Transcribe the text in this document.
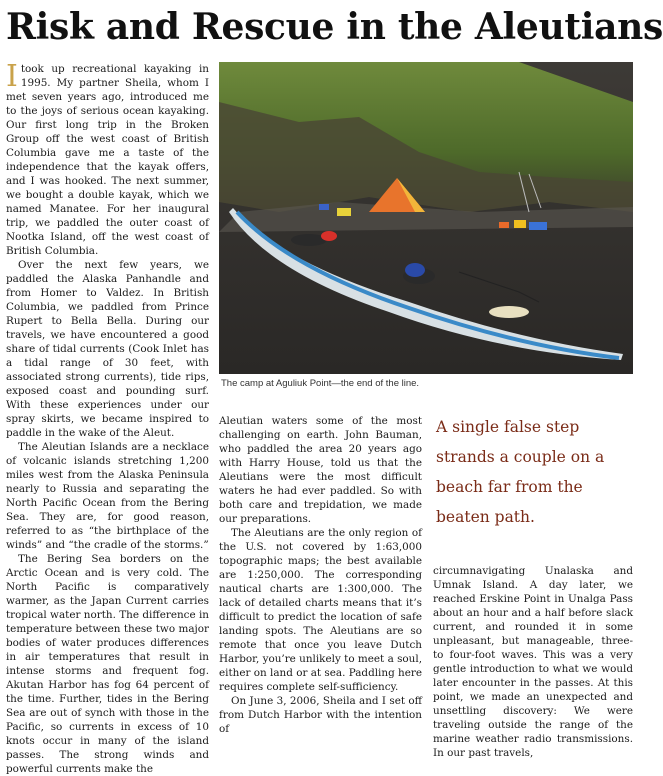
Risk and Rescue in the Aleutians

Itook up recreational kayaking in 1995. My partner Sheila, whom I met seven years ago, introduced me to the joys of serious ocean kayaking. Our first long trip in the Broken Group off the west coast of British Columbia gave me a taste of the independence that the kayak offers, and I was hooked. The next summer, we bought a double kayak, which we named Manatee. For her inaugural trip, we paddled the outer coast of Nootka Island, off the west coast of British Columbia.

Over the next few years, we paddled the Alaska Panhandle and from Homer to Valdez. In British Columbia, we paddled from Prince Rupert to Bella Bella. During our travels, we have encountered a good share of tidal currents (Cook Inlet has a tidal range of 30 feet, with associated strong currents), tide rips, exposed coast and pounding surf. With these experiences under our spray skirts, we became inspired to paddle in the wake of the Aleut.

The Aleutian Islands are a necklace of volcanic islands stretching 1,200 miles west from the Alaska Peninsula nearly to Russia and separating the North Pacific Ocean from the Bering Sea. They are, for good reason, referred to as “the birthplace of the winds” and “the cradle of the storms.”

The Bering Sea borders on the Arctic Ocean and is very cold. The North Pacific is comparatively warmer, as the Japan Current carries tropical water north. The difference in temperature between these two major bodies of water produces differences in air temperatures that result in intense storms and frequent fog. Akutan Harbor has fog 64 percent of the time. Further, tides in the Bering Sea are out of synch with those in the Pacific, so currents in excess of 10 knots occur in many of the island passes. The strong winds and powerful currents make the

The camp at Aguliuk Point—the end of the line.

Aleutian waters some of the most challenging on earth. John Bauman, who paddled the area 20 years ago with Harry House, told us that the Aleutians were the most difficult waters he had ever paddled. So with both care and trepidation, we made our preparations.

The Aleutians are the only region of the U.S. not covered by 1:63,000 topographic maps; the best available are 1:250,000. The corresponding nautical charts are 1:300,000. The lack of detailed charts means that it’s difficult to predict the location of safe landing spots. The Aleutians are so remote that once you leave Dutch Harbor, you’re unlikely to meet a soul, either on land or at sea. Paddling here requires complete self-sufficiency.

On June 3, 2006, Sheila and I set off from Dutch Harbor with the intention of

A single false step strands a couple on a beach far from the beaten path.

circumnavigating Unalaska and Umnak Island. A day later, we reached Erskine Point in Unalga Pass about an hour and a half before slack current, and rounded it in some unpleasant, but manageable, three- to four-foot waves. This was a very gentle introduction to what we would later encounter in the passes. At this point, we made an unexpected and unsettling discovery: We were traveling outside the range of the marine weather radio transmissions. In our past travels,
